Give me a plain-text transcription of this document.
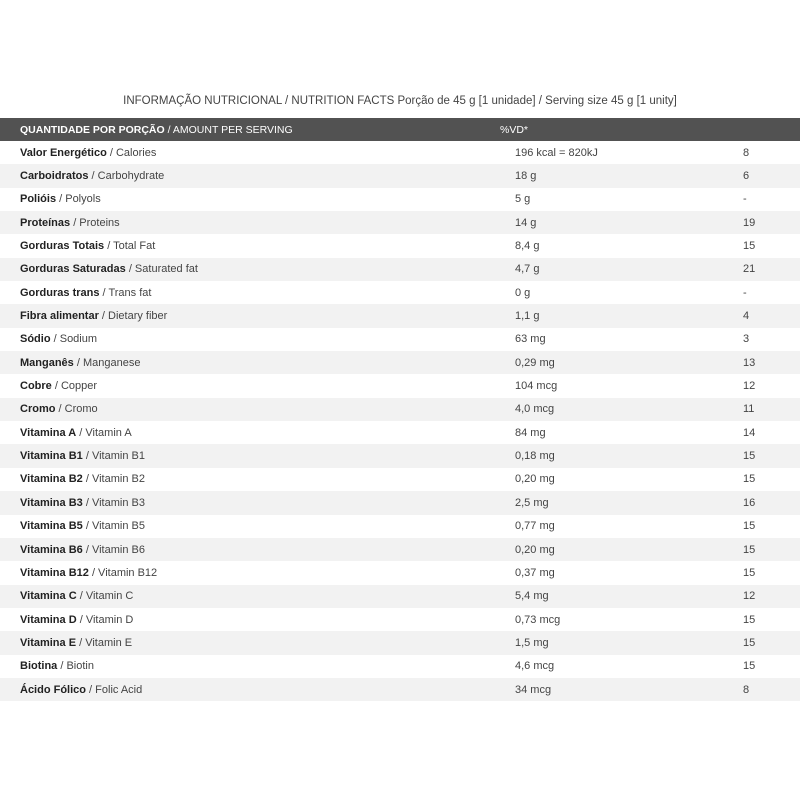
INFORMAÇÃO NUTRICIONAL / NUTRITION FACTS Porção de 45 g [1 unidade] / Serving size 45 g [1 unity]
QUANTIDADE POR PORÇÃO / AMOUNT PER SERVING	%VD*
Valor Energético / Calories	196 kcal = 820kJ	8
Carboidratos / Carbohydrate	18 g	6
Polióis / Polyols	5 g	-
Proteínas / Proteins	14 g	19
Gorduras Totais / Total Fat	8,4 g	15
Gorduras Saturadas / Saturated fat	4,7 g	21
Gorduras trans / Trans fat	0 g	-
Fibra alimentar / Dietary fiber	1,1 g	4
Sódio / Sodium	63 mg	3
Manganês / Manganese	0,29 mg	13
Cobre / Copper	104 mcg	12
Cromo / Cromo	4,0 mcg	11
Vitamina A / Vitamin A	84 mg	14
Vitamina B1 / Vitamin B1	0,18 mg	15
Vitamina B2 / Vitamin B2	0,20 mg	15
Vitamina B3 / Vitamin B3	2,5 mg	16
Vitamina B5 / Vitamin B5	0,77 mg	15
Vitamina B6 / Vitamin B6	0,20 mg	15
Vitamina B12 / Vitamin B12	0,37 mg	15
Vitamina C / Vitamin C	5,4 mg	12
Vitamina D / Vitamin D	0,73 mcg	15
Vitamina E / Vitamin E	1,5 mg	15
Biotina / Biotin	4,6 mcg	15
Ácido Fólico / Folic Acid	34 mcg	8
